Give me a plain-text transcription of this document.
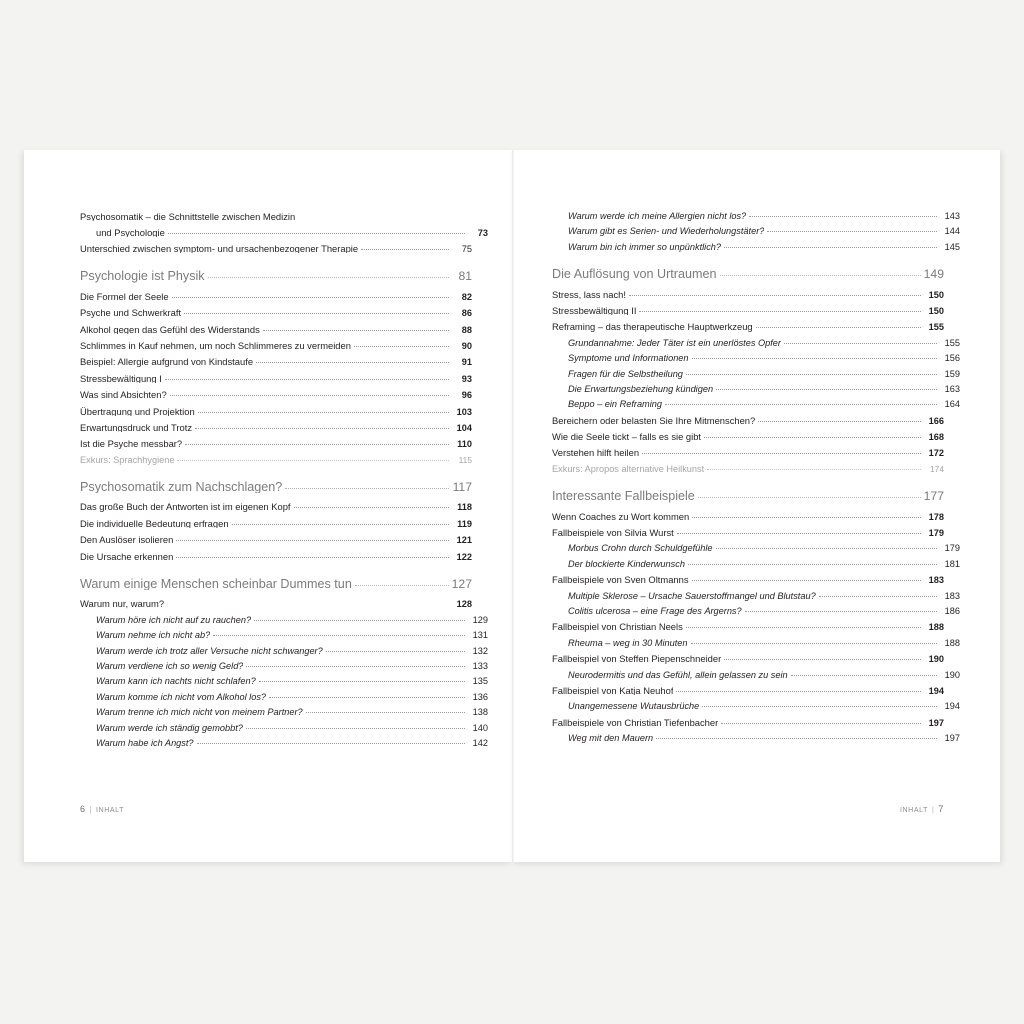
Psychosomatik – die Schnittstelle zwischen Medizin
und Psychologie	73
Unterschied zwischen symptom- und ursachenbezogener Therapie	75
Psychologie ist Physik	81
Die Formel der Seele	82
Psyche und Schwerkraft	86
Alkohol gegen das Gefühl des Widerstands	88
Schlimmes in Kauf nehmen, um noch Schlimmeres zu vermeiden	90
Beispiel: Allergie aufgrund von Kindstaufe	91
Stressbewältigung I	93
Was sind Absichten?	96
Übertragung und Projektion	103
Erwartungsdruck und Trotz	104
Ist die Psyche messbar?	110
Exkurs: Sprachhygiene	115
Psychosomatik zum Nachschlagen?	117
Das große Buch der Antworten ist im eigenen Kopf	118
Die individuelle Bedeutung erfragen	119
Den Auslöser isolieren	121
Die Ursache erkennen	122
Warum einige Menschen scheinbar Dummes tun	127
Warum nur, warum?	128
Warum höre ich nicht auf zu rauchen?	129
Warum nehme ich nicht ab?	131
Warum werde ich trotz aller Versuche nicht schwanger?	132
Warum verdiene ich so wenig Geld?	133
Warum kann ich nachts nicht schlafen?	135
Warum komme ich nicht vom Alkohol los?	136
Warum trenne ich mich nicht von meinem Partner?	138
Warum werde ich ständig gemobbt?	140
Warum habe ich Angst?	142
6 | INHALT
Warum werde ich meine Allergien nicht los?	143
Warum gibt es Serien- und Wiederholungstäter?	144
Warum bin ich immer so unpünktlich?	145
Die Auflösung von Urtraumen	149
Stress, lass nach!	150
Stressbewältigung II	150
Reframing – das therapeutische Hauptwerkzeug	155
Grundannahme: Jeder Täter ist ein unerlöstes Opfer	155
Symptome und Informationen	156
Fragen für die Selbstheilung	159
Die Erwartungsbeziehung kündigen	163
Beppo – ein Reframing	164
Bereichern oder belasten Sie Ihre Mitmenschen?	166
Wie die Seele tickt – falls es sie gibt	168
Verstehen hilft heilen	172
Exkurs: Apropos alternative Heilkunst	174
Interessante Fallbeispiele	177
Wenn Coaches zu Wort kommen	178
Fallbeispiele von Silvia Wurst	179
Morbus Crohn durch Schuldgefühle	179
Der blockierte Kinderwunsch	181
Fallbeispiele von Sven Oltmanns	183
Multiple Sklerose – Ursache Sauerstoffmangel und Blutstau?	183
Colitis ulcerosa – eine Frage des Ärgerns?	186
Fallbeispiel von Christian Neels	188
Rheuma – weg in 30 Minuten	188
Fallbeispiel von Steffen Piepenschneider	190
Neurodermitis und das Gefühl, allein gelassen zu sein	190
Fallbeispiel von Katja Neuhof	194
Unangemessene Wutausbrüche	194
Fallbeispiele von Christian Tiefenbacher	197
Weg mit den Mauern	197
INHALT | 7
